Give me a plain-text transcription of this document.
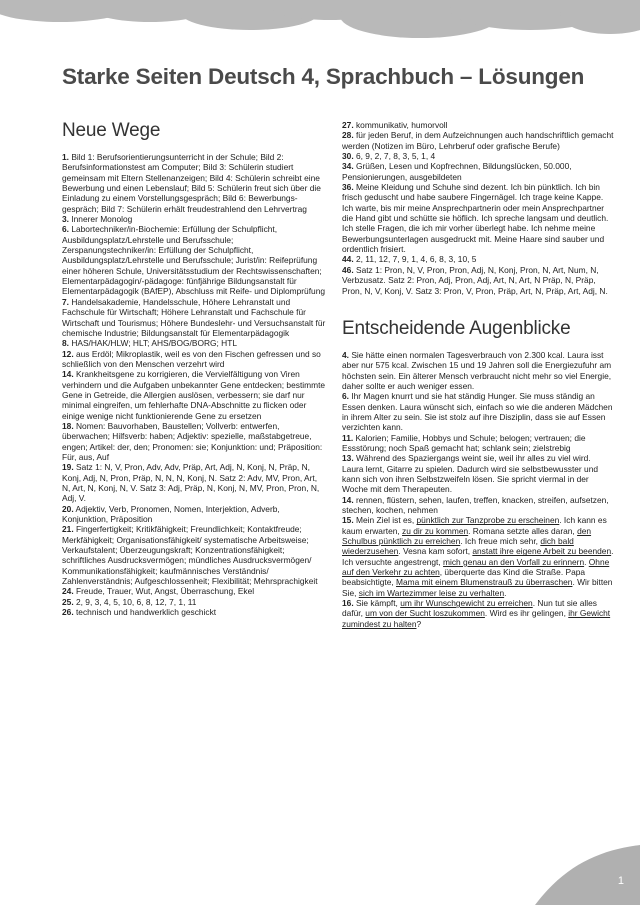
Starke Seiten Deutsch 4, Sprachbuch – Lösungen
Neue Wege

1. Bild 1: Berufsorientierungsunterricht in der Schule; Bild 2: Berufsinformationstest am Computer; Bild 3: Schülerin studiert gemeinsam mit Eltern Stellenanzeigen; Bild 4: Schülerin schreibt eine Bewerbung und einen Lebenslauf; Bild 5: Schülerin freut sich über die Einladung zu einem Vorstellungsgespräch; Bild 6: Bewerbungs-gespräch; Bild 7: Schülerin erhält freudestrahlend den Lehrvertrag

3. Innerer Monolog

6. Labortechniker/in-Biochemie: Erfüllung der Schulpflicht, Ausbildungsplatz/Lehrstelle und Berufsschule; Zerspanungstechniker/in: Erfüllung der Schulpflicht, Ausbildungsplatz/Lehrstelle und Berufsschule; Jurist/in: Reifeprüfung einer höheren Schule, Universitätsstudium der Rechtswissenschaften; Elementarpädagogin/-pädagoge: fünfjährige Bildungsanstalt für Elementarpädagogik (BAfEP), Abschluss mit Reife- und Diplomprüfung

7. Handelsakademie, Handelsschule, Höhere Lehranstalt und Fachschule für Wirtschaft; Höhere Lehranstalt und Fachschule für Wirtschaft und Tourismus; Höhere Bundeslehr- und Versuchsanstalt für chemische Industrie; Bildungsanstalt für Elementarpädagogik

8. HAS/HAK/HLW; HLT; AHS/BOG/BORG; HTL

12. aus Erdöl; Mikroplastik, weil es von den Fischen gefressen und so schließlich von den Menschen verzehrt wird

14. Krankheitsgene zu korrigieren, die Vervielfältigung von Viren verhindern und die Aufgaben unbekannter Gene entdecken; bestimmte Gene in Getreide, die Allergien auslösen, verbessern; sie darf nur minimal eingreifen, um fehlerhafte DNA-Abschnitte zu flicken oder einige wenige nicht funktionierende Gene zu ersetzen

18. Nomen: Bauvorhaben, Baustellen; Vollverb: entwerfen, überwachen; Hilfsverb: haben; Adjektiv: spezielle, maßstabgetreue, engen; Artikel: der, den; Pronomen: sie; Konjunktion: und; Präposition: Für, aus, Auf

19. Satz 1: N, V, Pron, Adv, Adv, Präp, Art, Adj, N, Konj, N, Präp, N, Konj, Adj, N, Pron, Präp, N, N, N, Konj, N. Satz 2: Adv, MV, Pron, Art, N, Art, N, Konj, N, V. Satz 3: Adj, Präp, N, Konj, N, MV, Pron, Pron, N, Adj, V.

20. Adjektiv, Verb, Pronomen, Nomen, Interjektion, Adverb, Konjunktion, Präposition

21. Fingerfertigkeit; Kritikfähigkeit; Freundlichkeit; Kontaktfreude; Merkfähigkeit; Organisationsfähigkeit/ systematische Arbeitsweise; Verkaufstalent; Überzeugungskraft; Konzentrationsfähigkeit; schriftliches Ausdrucksvermögen; mündliches Ausdrucksvermögen/ Kommunikationsfähigkeit; kaufmännisches Verständnis/ Zahlenverständnis; Aufgeschlossenheit; Flexibilität; Mehrsprachigkeit

24. Freude, Trauer, Wut, Angst, Überraschung, Ekel

25. 2, 9, 3, 4, 5, 10, 6, 8, 12, 7, 1, 11

26. technisch und handwerklich geschickt

27. kommunikativ, humorvoll

28. für jeden Beruf, in dem Aufzeichnungen auch handschriftlich gemacht werden (Notizen im Büro, Lehrberuf oder grafische Berufe)

30. 6, 9, 2, 7, 8, 3, 5, 1, 4

34. Grüßen, Lesen und Kopfrechnen, Bildungslücken, 50.000, Pensionierungen, ausgebildeten

36. Meine Kleidung und Schuhe sind dezent. Ich bin pünktlich. Ich bin frisch geduscht und habe saubere Fingernägel. Ich trage keine Kappe. Ich warte, bis mir meine Ansprechpartnerin oder mein Ansprechpartner die Hand gibt und schütte sie höflich. Ich spreche langsam und deutlich. Ich stelle Fragen, die ich mir vorher überlegt habe. Ich nehme meine Bewerbungsunterlagen ausgedruckt mit. Meine Haare sind sauber und ordentlich frisiert.

44. 2, 11, 12, 7, 9, 1, 4, 6, 8, 3, 10, 5

46. Satz 1: Pron, N, V, Pron, Pron, Adj, N, Konj, Pron, N, Art, Num, N, Verbzusatz. Satz 2: Pron, Adj, Pron, Adj, Art, N, Art, N Präp, N, Präp, Pron, N, V, Konj, V. Satz 3: Pron, V, Pron, Präp, Art, N, Präp, Art, Adj, N.

Entscheidende Augenblicke

4. Sie hätte einen normalen Tagesverbrauch von 2.300 kcal. Laura isst aber nur 575 kcal. Zwischen 15 und 19 Jahren soll die Energiezufuhr am höchsten sein. Ein älterer Mensch verbraucht nicht mehr so viel Energie, daher sollte er auch weniger essen.

6. Ihr Magen knurrt und sie hat ständig Hunger. Sie muss ständig an Essen denken. Laura wünscht sich, einfach so wie die anderen Mädchen in ihrem Alter zu sein. Sie ist stolz auf ihre Disziplin, dass sie auf Essen verzichten kann.

11. Kalorien; Familie, Hobbys und Schule; belogen; vertrauen; die Essstörung; noch Spaß gemacht hat; schlank sein; zielstrebig

13. Während des Spaziergangs weint sie, weil ihr alles zu viel wird. Laura lernt, Gitarre zu spielen. Dadurch wird sie selbstbewusster und kann sich von ihren Selbstzweifeln lösen. Sie spricht viermal in der Woche mit dem Therapeuten.

14. rennen, flüstern, sehen, laufen, treffen, knacken, streifen, aufsetzen, stechen, kochen, nehmen

15. Mein Ziel ist es, pünktlich zur Tanzprobe zu erscheinen. Ich kann es kaum erwarten, zu dir zu kommen. Romana setzte alles daran, den Schulbus pünktlich zu erreichen. Ich freue mich sehr, dich bald wiederzusehen. Vesna kam sofort, anstatt ihre eigene Arbeit zu beenden. Ich versuchte angestrengt, mich genau an den Vorfall zu erinnern. Ohne auf den Verkehr zu achten, überquerte das Kind die Straße. Papa beabsichtigte, Mama mit einem Blumenstrauß zu überraschen. Wir bitten Sie, sich im Wartezimmer leise zu verhalten.

16. Sie kämpft, um ihr Wunschgewicht zu erreichen. Nun tut sie alles dafür, um von der Sucht loszukommen. Wird es ihr gelingen, ihr Gewicht zumindest zu halten?

1
